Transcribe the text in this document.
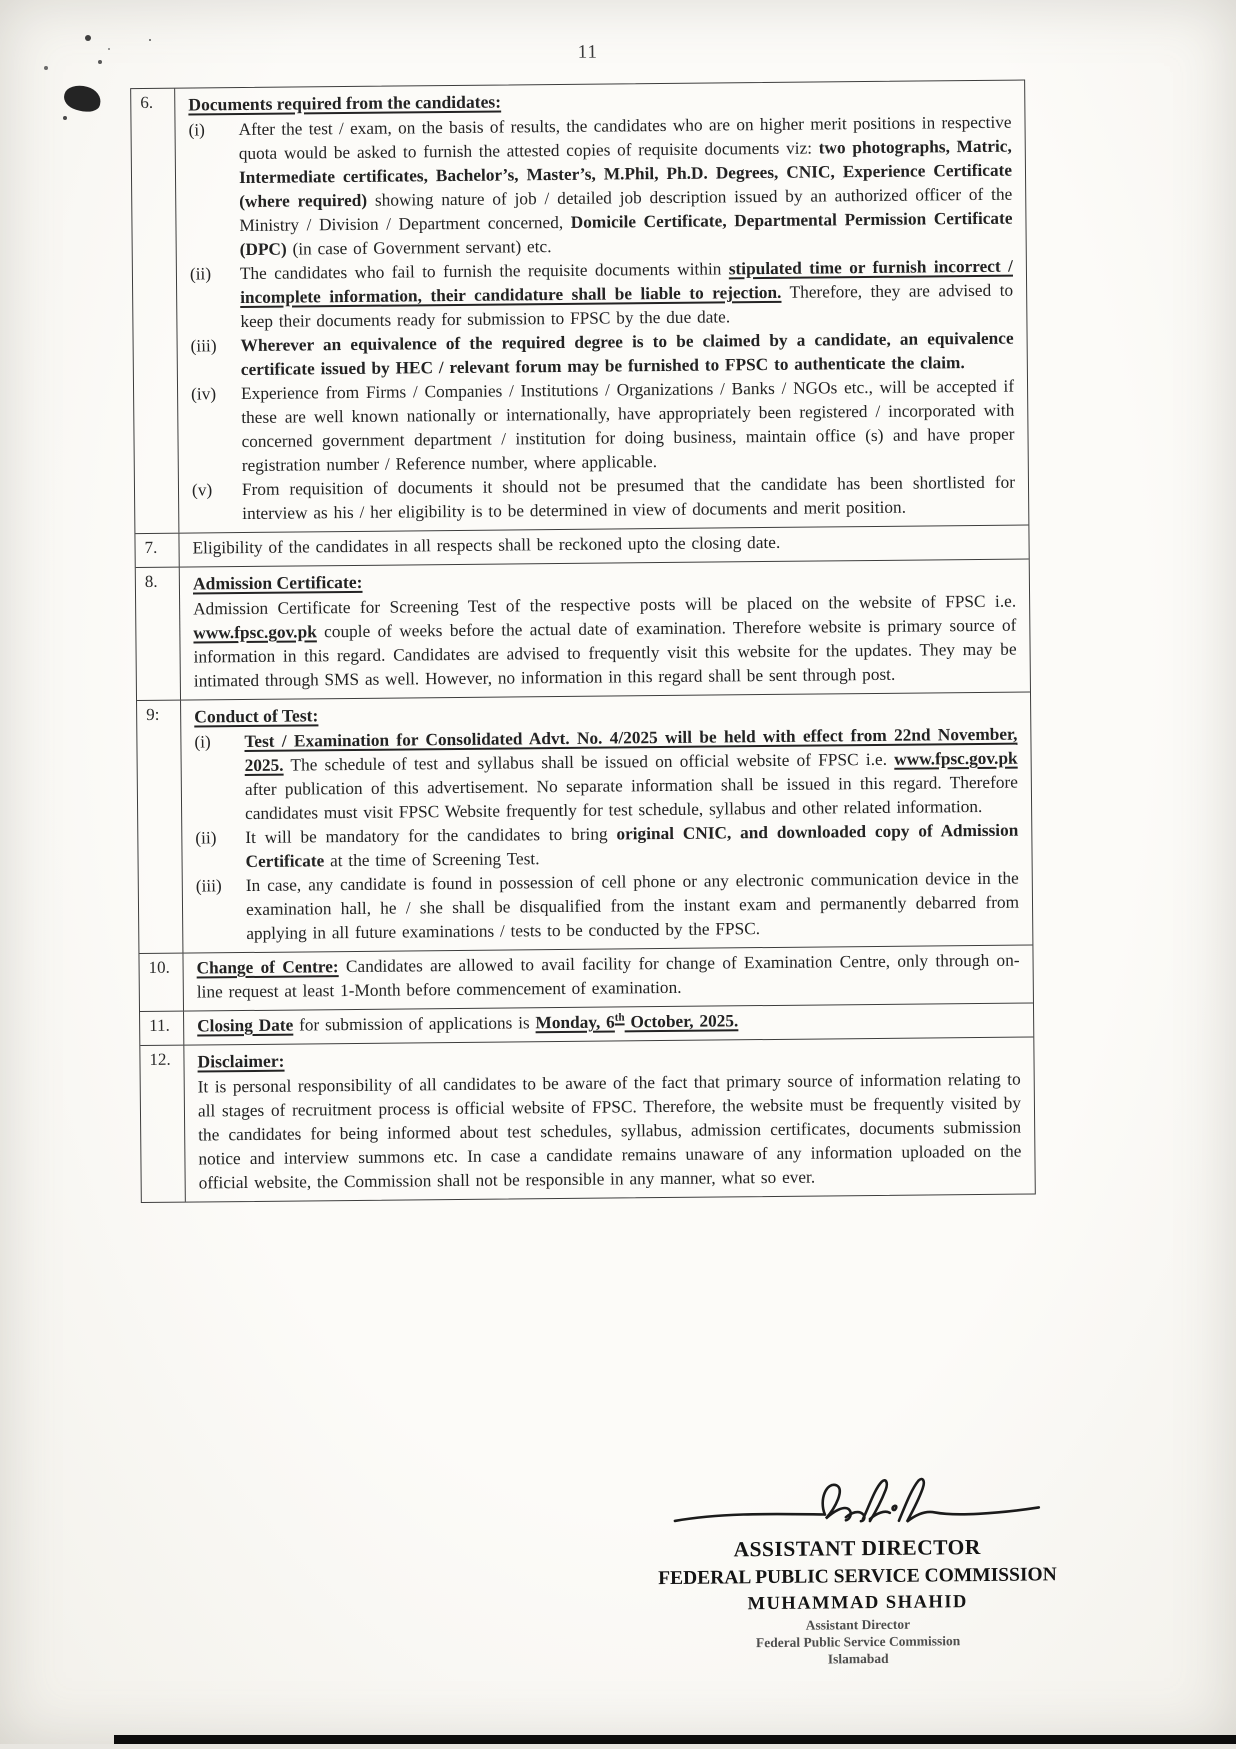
11
6.	Documents required from the candidates:
(i)	After the test / exam, on the basis of results, the candidates who are on higher merit positions in respective quota would be asked to furnish the attested copies of requisite documents viz: two photographs, Matric, Intermediate certificates, Bachelor’s, Master’s, M.Phil, Ph.D. Degrees, CNIC, Experience Certificate (where required) showing nature of job / detailed job description issued by an authorized officer of the Ministry / Division / Department concerned, Domicile Certificate, Departmental Permission Certificate (DPC) (in case of Government servant) etc.
(ii)	The candidates who fail to furnish the requisite documents within stipulated time or furnish incorrect / incomplete information, their candidature shall be liable to rejection. Therefore, they are advised to keep their documents ready for submission to FPSC by the due date.
(iii)	Wherever an equivalence of the required degree is to be claimed by a candidate, an equivalence certificate issued by HEC / relevant forum may be furnished to FPSC to authenticate the claim.
(iv)	Experience from Firms / Companies / Institutions / Organizations / Banks / NGOs etc., will be accepted if these are well known nationally or internationally, have appropriately been registered / incorporated with concerned government department / institution for doing business, maintain office (s) and have proper registration number / Reference number, where applicable.
(v)	From requisition of documents it should not be presumed that the candidate has been shortlisted for interview as his / her eligibility is to be determined in view of documents and merit position.
7.	Eligibility of the candidates in all respects shall be reckoned upto the closing date.
8.	Admission Certificate:
Admission Certificate for Screening Test of the respective posts will be placed on the website of FPSC i.e. www.fpsc.gov.pk couple of weeks before the actual date of examination. Therefore website is primary source of information in this regard. Candidates are advised to frequently visit this website for the updates. They may be intimated through SMS as well. However, no information in this regard shall be sent through post.
9:	Conduct of Test:
(i)	Test / Examination for Consolidated Advt. No. 4/2025 will be held with effect from 22nd November, 2025. The schedule of test and syllabus shall be issued on official website of FPSC i.e. www.fpsc.gov.pk after publication of this advertisement. No separate information shall be issued in this regard. Therefore candidates must visit FPSC Website frequently for test schedule, syllabus and other related information.
(ii)	It will be mandatory for the candidates to bring original CNIC, and downloaded copy of Admission Certificate at the time of Screening Test.
(iii)	In case, any candidate is found in possession of cell phone or any electronic communication device in the examination hall, he / she shall be disqualified from the instant exam and permanently debarred from applying in all future examinations / tests to be conducted by the FPSC.
10.	Change of Centre: Candidates are allowed to avail facility for change of Examination Centre, only through on-line request at least 1-Month before commencement of examination.
11.	Closing Date for submission of applications is Monday, 6th October, 2025.
12.	Disclaimer:
It is personal responsibility of all candidates to be aware of the fact that primary source of information relating to all stages of recruitment process is official website of FPSC. Therefore, the website must be frequently visited by the candidates for being informed about test schedules, syllabus, admission certificates, documents submission notice and interview summons etc. In case a candidate remains unaware of any information uploaded on the official website, the Commission shall not be responsible in any manner, what so ever.
ASSISTANT DIRECTOR
FEDERAL PUBLIC SERVICE COMMISSION
MUHAMMAD SHAHID
Assistant Director
Federal Public Service Commission
Islamabad
